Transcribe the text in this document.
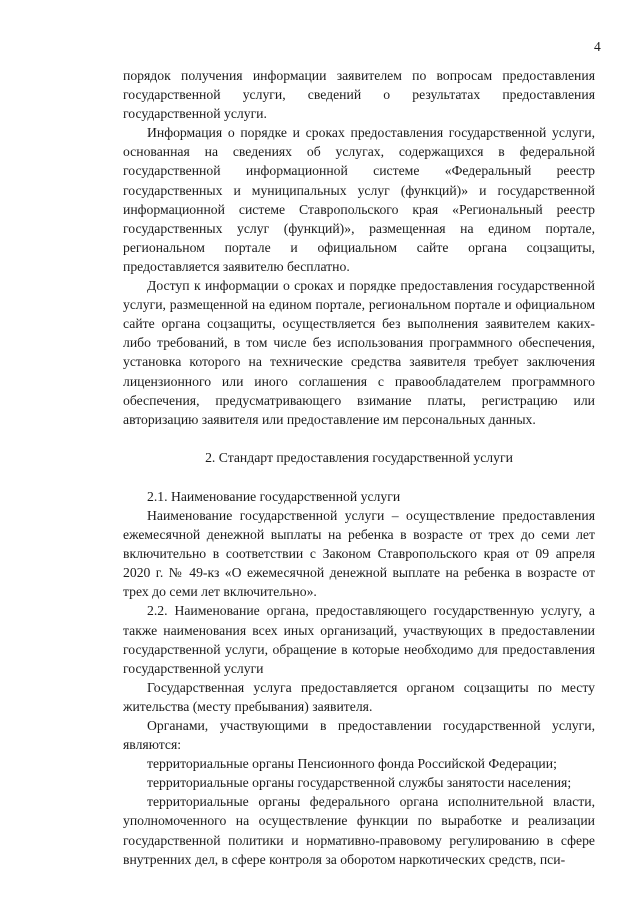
4

порядок получения информации заявителем по вопросам предоставления государственной услуги, сведений о результатах предоставления государственной услуги.

Информация о порядке и сроках предоставления государственной услуги, основанная на сведениях об услугах, содержащихся в федеральной государственной информационной системе «Федеральный реестр государственных и муниципальных услуг (функций)» и государственной информационной системе Ставропольского края «Региональный реестр государственных услуг (функций)», размещенная на едином портале, региональном портале и официальном сайте органа соцзащиты, предоставляется заявителю бесплатно.

Доступ к информации о сроках и порядке предоставления государственной услуги, размещенной на едином портале, региональном портале и официальном сайте органа соцзащиты, осуществляется без выполнения заявителем каких-либо требований, в том числе без использования программного обеспечения, установка которого на технические средства заявителя требует заключения лицензионного или иного соглашения с правообладателем программного обеспечения, предусматривающего взимание платы, регистрацию или авторизацию заявителя или предоставление им персональных данных.

2. Стандарт предоставления государственной услуги

2.1. Наименование государственной услуги

Наименование государственной услуги – осуществление предоставления ежемесячной денежной выплаты на ребенка в возрасте от трех до семи лет включительно в соответствии с Законом Ставропольского края от 09 апреля 2020 г. № 49-кз «О ежемесячной денежной выплате на ребенка в возрасте от трех до семи лет включительно».

2.2. Наименование органа, предоставляющего государственную услугу, а также наименования всех иных организаций, участвующих в предоставлении государственной услуги, обращение в которые необходимо для предоставления государственной услуги

Государственная услуга предоставляется органом соцзащиты по месту жительства (месту пребывания) заявителя.

Органами, участвующими в предоставлении государственной услуги, являются:

территориальные органы Пенсионного фонда Российской Федерации;

территориальные органы государственной службы занятости населения;

территориальные органы федерального органа исполнительной власти, уполномоченного на осуществление функции по выработке и реализации государственной политики и нормативно-правовому регулированию в сфере внутренних дел, в сфере контроля за оборотом наркотических средств, пси-
